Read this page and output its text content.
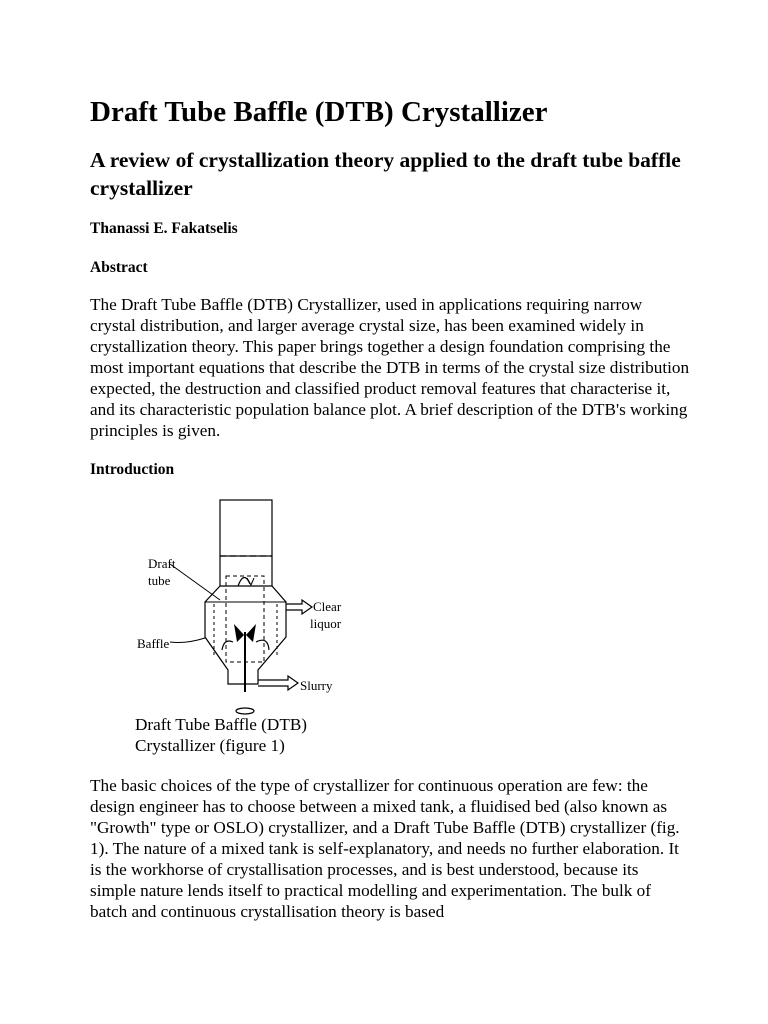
Draft Tube Baffle (DTB) Crystallizer
A review of crystallization theory applied to the draft tube baffle crystallizer

Thanassi E. Fakatselis

Abstract

The Draft Tube Baffle (DTB) Crystallizer, used in applications requiring narrow crystal distribution, and larger average crystal size, has been examined widely in crystallization theory. This paper brings together a design foundation comprising the most important equations that describe the DTB in terms of the crystal size distribution expected, the destruction and classified product removal features that characterise it, and its characteristic population balance plot. A brief description of the DTB's working principles is given.

Introduction

Draft
tube
Baffle
Clear
liquor
Slurry

Draft Tube Baffle (DTB) Crystallizer (figure 1)

The basic choices of the type of crystallizer for continuous operation are few: the design engineer has to choose between a mixed tank, a fluidised bed (also known as "Growth" type or OSLO) crystallizer, and a Draft Tube Baffle (DTB) crystallizer (fig. 1). The nature of a mixed tank is self-explanatory, and needs no further elaboration. It is the workhorse of crystallisation processes, and is best understood, because its simple nature lends itself to practical modelling and experimentation. The bulk of batch and continuous crystallisation theory is based
